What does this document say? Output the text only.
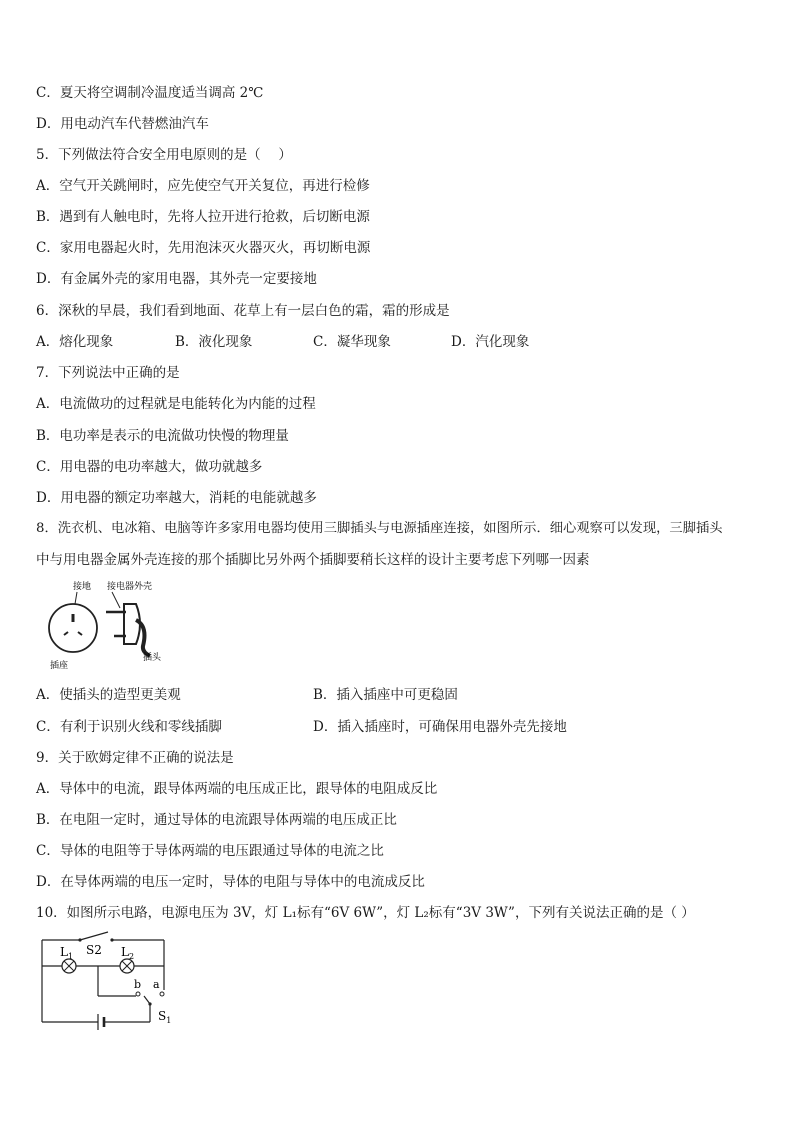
C．夏天将空调制冷温度适当调高 2℃
D．用电动汽车代替燃油汽车
5．下列做法符合安全用电原则的是（　 ）
A．空气开关跳闸时，应先使空气开关复位，再进行检修
B．遇到有人触电时，先将人拉开进行抢救，后切断电源
C．家用电器起火时，先用泡沫灭火器灭火，再切断电源
D．有金属外壳的家用电器，其外壳一定要接地
6．深秋的早晨，我们看到地面、花草上有一层白色的霜，霜的形成是
A．熔化现象	B．液化现象	C．凝华现象	D．汽化现象
7．下列说法中正确的是
A．电流做功的过程就是电能转化为内能的过程
B．电功率是表示的电流做功快慢的物理量
C．用电器的电功率越大，做功就越多
D．用电器的额定功率越大，消耗的电能就越多
8．洗衣机、电冰箱、电脑等许多家用电器均使用三脚插头与电源插座连接，如图所示．细心观察可以发现，三脚插头
中与用电器金属外壳连接的那个插脚比另外两个插脚要稍长这样的设计主要考虑下列哪一因素
接地
插座
接电器外壳
插头
A．使插头的造型更美观	B．插入插座中可更稳固
C．有利于识别火线和零线插脚	D．插入插座时，可确保用电器外壳先接地
9．关于欧姆定律不正确的说法是
A．导体中的电流，跟导体两端的电压成正比，跟导体的电阻成反比
B．在电阻一定时，通过导体的电流跟导体两端的电压成正比
C．导体的电阻等于导体两端的电压跟通过导体的电流之比
D．在导体两端的电压一定时，导体的电阻与导体中的电流成反比
10．如图所示电路，电源电压为 3V，灯 L₁标有“6V 6W”，灯 L₂标有“3V 3W”，下列有关说法正确的是（ ）
S2
$L_1$	$L_2$
a
b
$S_1$
